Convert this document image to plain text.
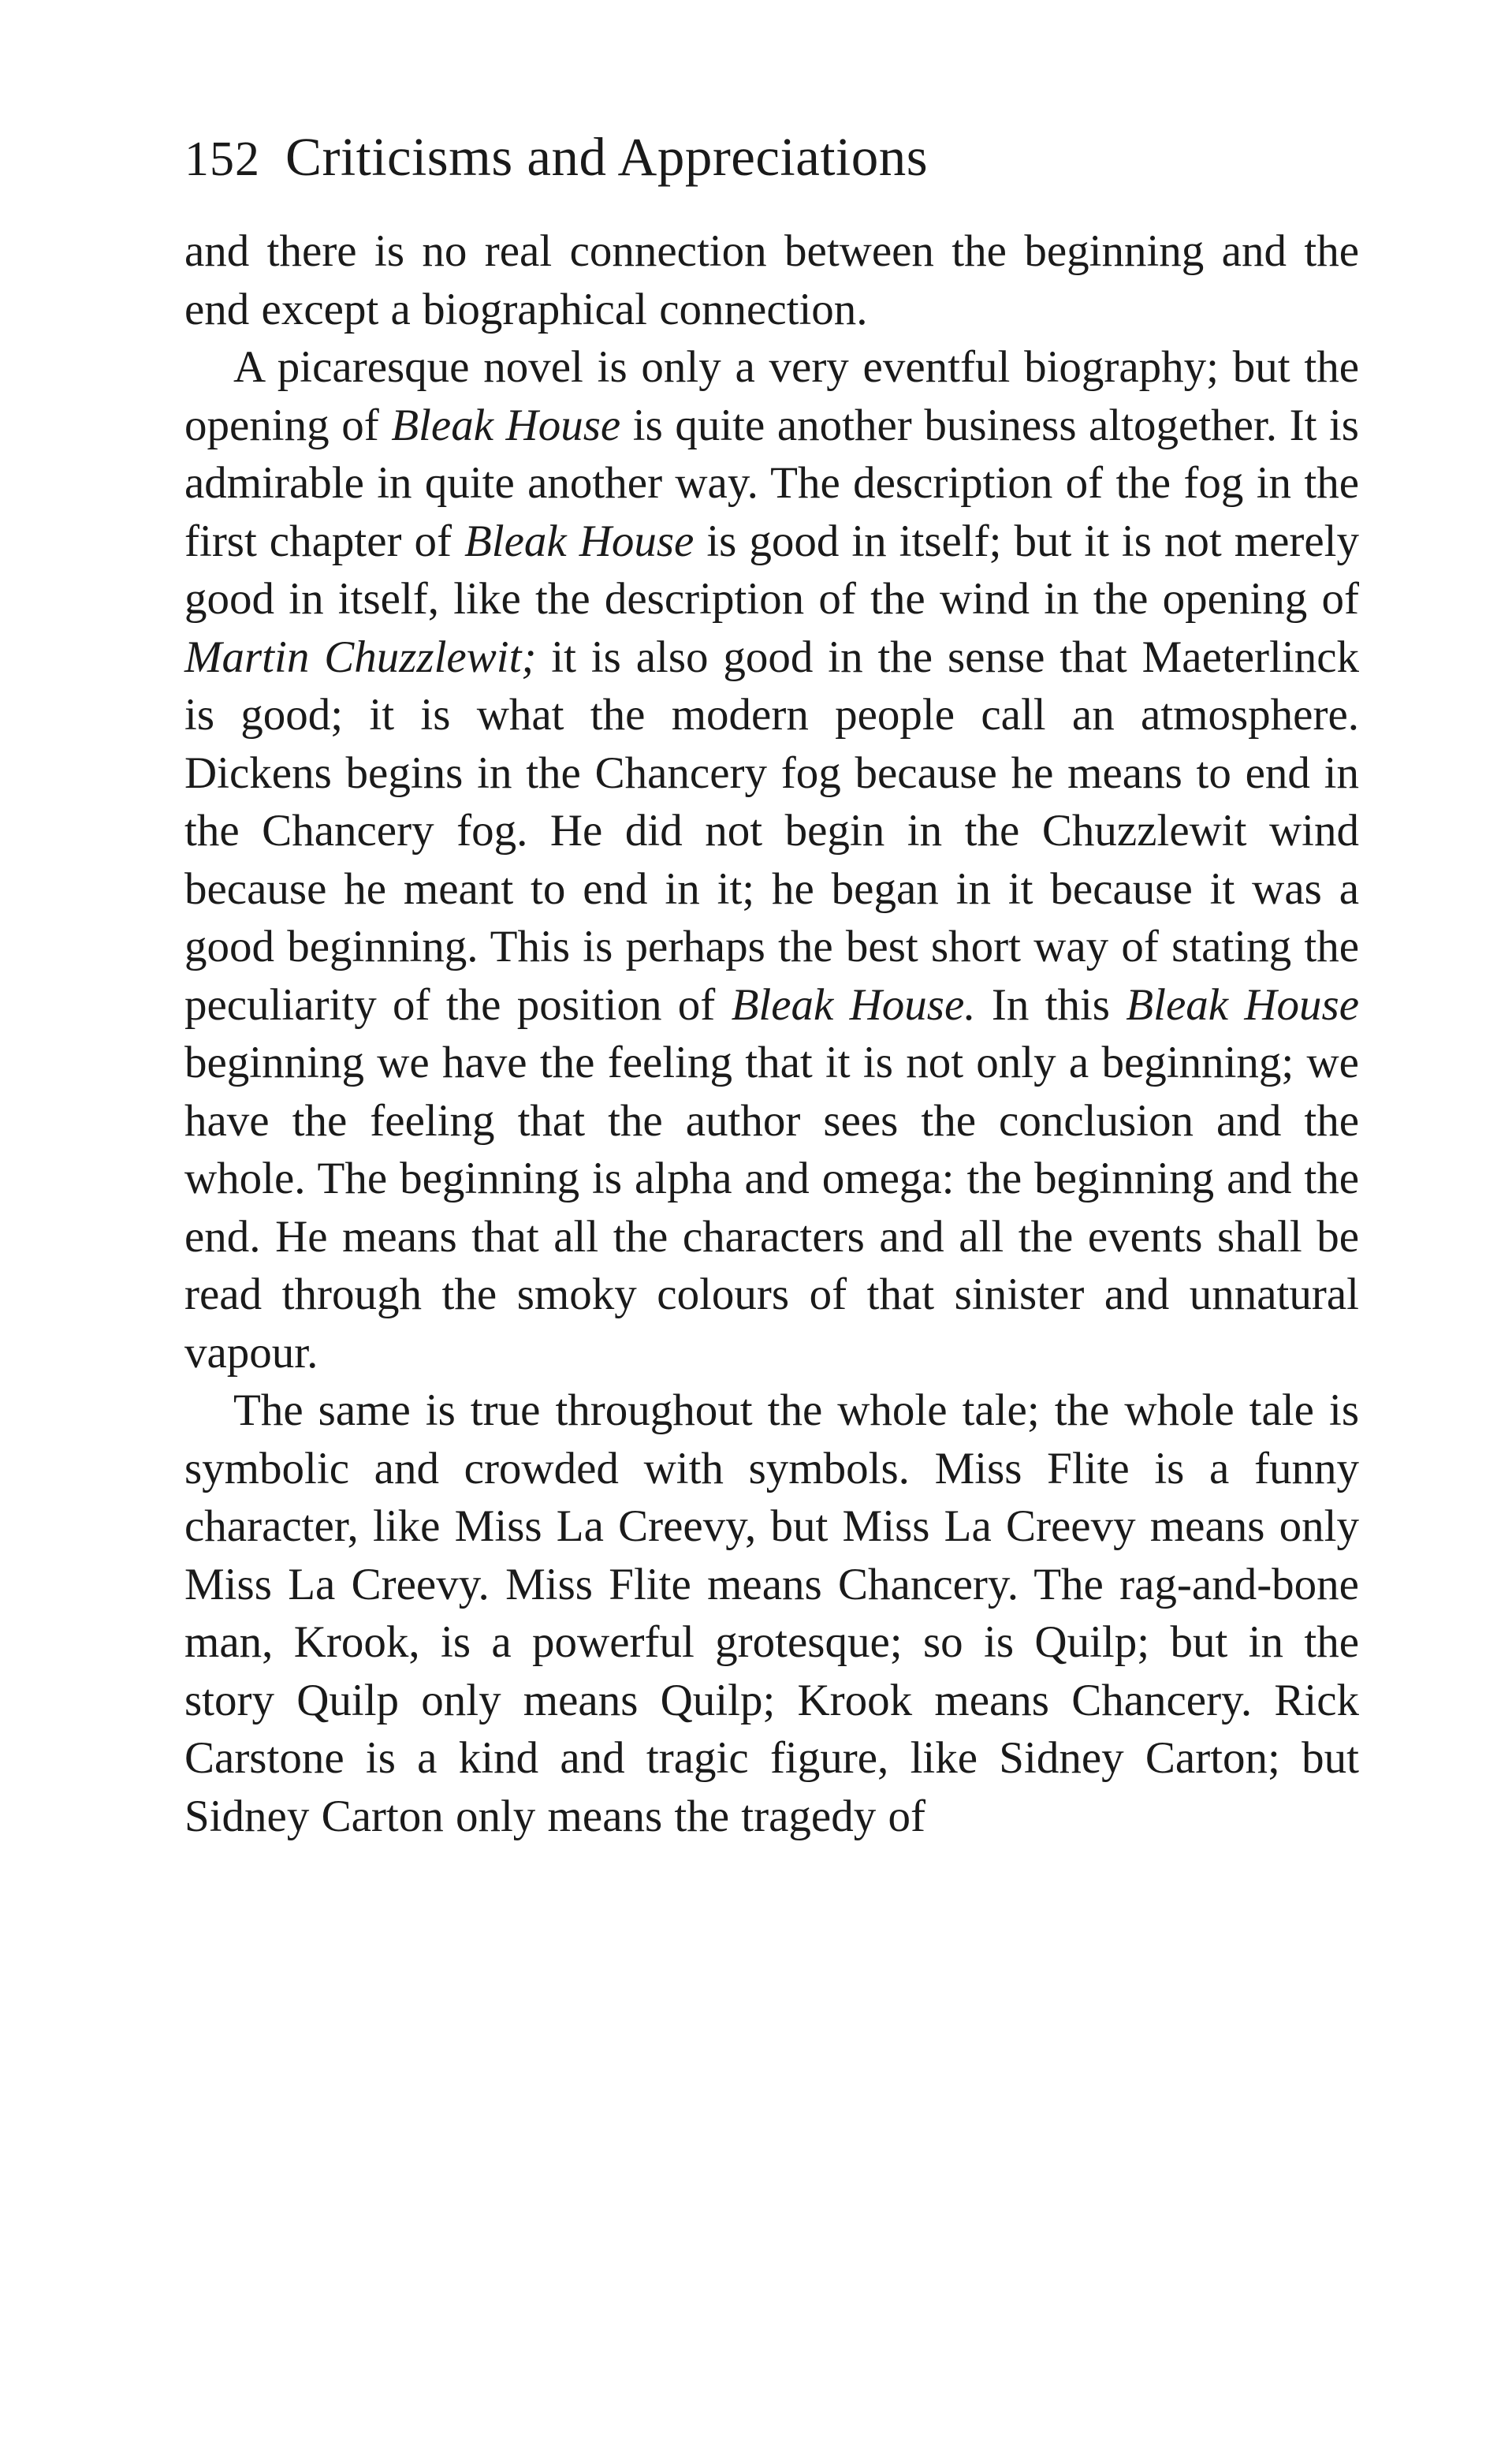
152 Criticisms and Appreciations

and there is no real connection between the beginning and the end except a biographical connection.

A picaresque novel is only a very eventful biography; but the opening of Bleak House is quite another business altogether. It is admirable in quite another way. The description of the fog in the first chapter of Bleak House is good in itself; but it is not merely good in itself, like the description of the wind in the opening of Martin Chuzzlewit; it is also good in the sense that Maeterlinck is good; it is what the modern people call an atmosphere. Dickens begins in the Chancery fog because he means to end in the Chancery fog. He did not begin in the Chuzzlewit wind because he meant to end in it; he began in it because it was a good beginning. This is perhaps the best short way of stating the peculiarity of the position of Bleak House. In this Bleak House beginning we have the feeling that it is not only a beginning; we have the feeling that the author sees the conclusion and the whole. The beginning is alpha and omega: the beginning and the end. He means that all the characters and all the events shall be read through the smoky colours of that sinister and unnatural vapour.

The same is true throughout the whole tale; the whole tale is symbolic and crowded with symbols. Miss Flite is a funny character, like Miss La Creevy, but Miss La Creevy means only Miss La Creevy. Miss Flite means Chancery. The rag-and-bone man, Krook, is a powerful grotesque; so is Quilp; but in the story Quilp only means Quilp; Krook means Chancery. Rick Carstone is a kind and tragic figure, like Sidney Carton; but Sidney Carton only means the tragedy of
